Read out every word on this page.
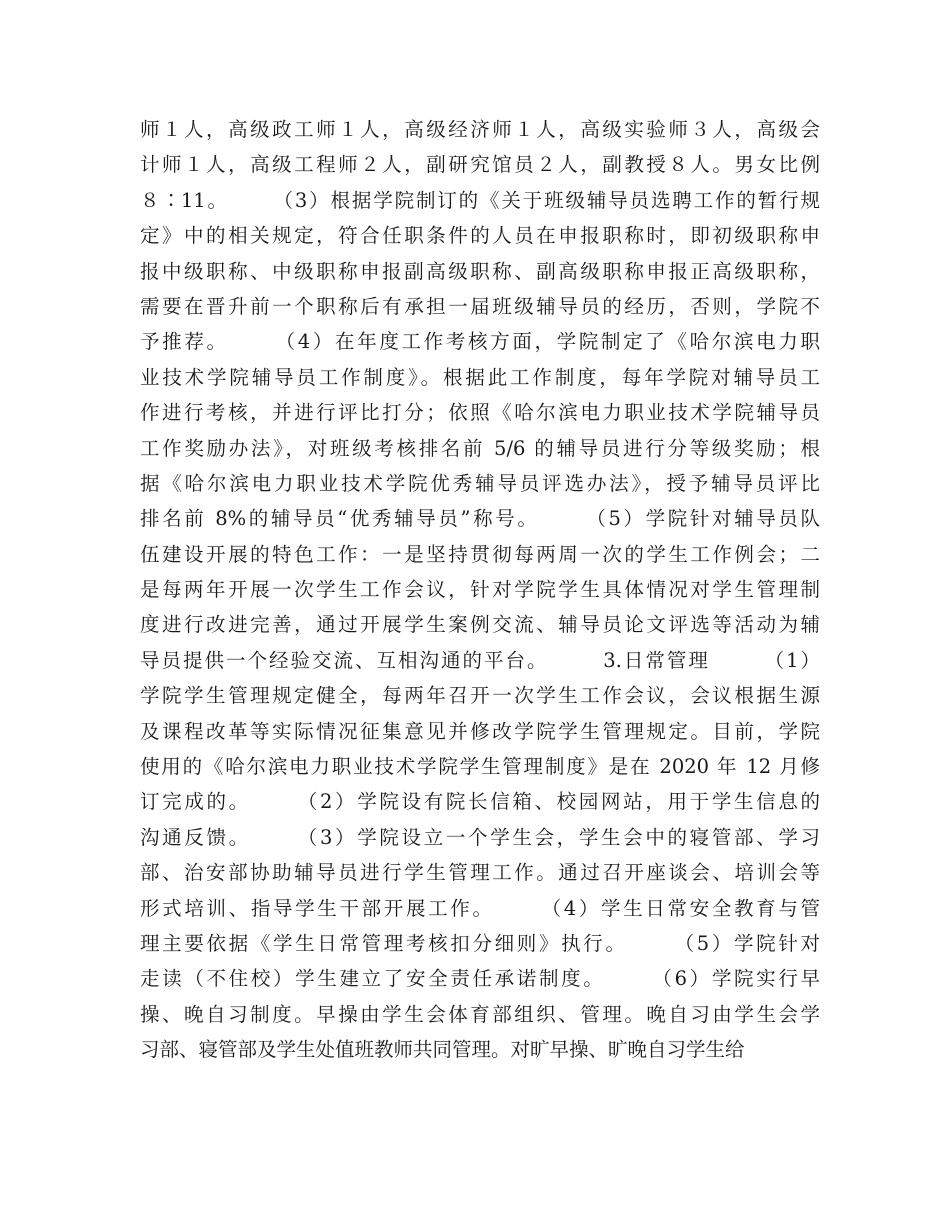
师１人，高级政工师１人，高级经济师１人，高级实验师３人，高级会
计师１人，高级工程师２人，副研究馆员２人，副教授８人。男女比例
８∶11。　　　（3）根据学院制订的《关于班级辅导员选聘工作的暂行规
定》中的相关规定，符合任职条件的人员在申报职称时，即初级职称申
报中级职称、中级职称申报副高级职称、副高级职称申报正高级职称，
需要在晋升前一个职称后有承担一届班级辅导员的经历，否则，学院不
予推荐。　　　（4）在年度工作考核方面，学院制定了《哈尔滨电力职
业技术学院辅导员工作制度》。根据此工作制度，每年学院对辅导员工
作进行考核，并进行评比打分；依照《哈尔滨电力职业技术学院辅导员
工作奖励办法》，对班级考核排名前 5/6 的辅导员进行分等级奖励；根
据《哈尔滨电力职业技术学院优秀辅导员评选办法》，授予辅导员评比
排名前 8%的辅导员“优秀辅导员”称号。　　　（5）学院针对辅导员队
伍建设开展的特色工作：一是坚持贯彻每两周一次的学生工作例会；二
是每两年开展一次学生工作会议，针对学院学生具体情况对学生管理制
度进行改进完善，通过开展学生案例交流、辅导员论文评选等活动为辅
导员提供一个经验交流、互相沟通的平台。　　　3.日常管理　　　（1）
学院学生管理规定健全，每两年召开一次学生工作会议，会议根据生源
及课程改革等实际情况征集意见并修改学院学生管理规定。目前，学院
使用的《哈尔滨电力职业技术学院学生管理制度》是在 2020 年 12 月修
订完成的。　　　（2）学院设有院长信箱、校园网站，用于学生信息的
沟通反馈。　　　（3）学院设立一个学生会，学生会中的寝管部、学习
部、治安部协助辅导员进行学生管理工作。通过召开座谈会、培训会等
形式培训、指导学生干部开展工作。　　　（4）学生日常安全教育与管
理主要依据《学生日常管理考核扣分细则》执行。　　　（5）学院针对
走读（不住校）学生建立了安全责任承诺制度。　　　（6）学院实行早
操、晚自习制度。早操由学生会体育部组织、管理。晚自习由学生会学
习部、寝管部及学生处值班教师共同管理。对旷早操、旷晚自习学生给
